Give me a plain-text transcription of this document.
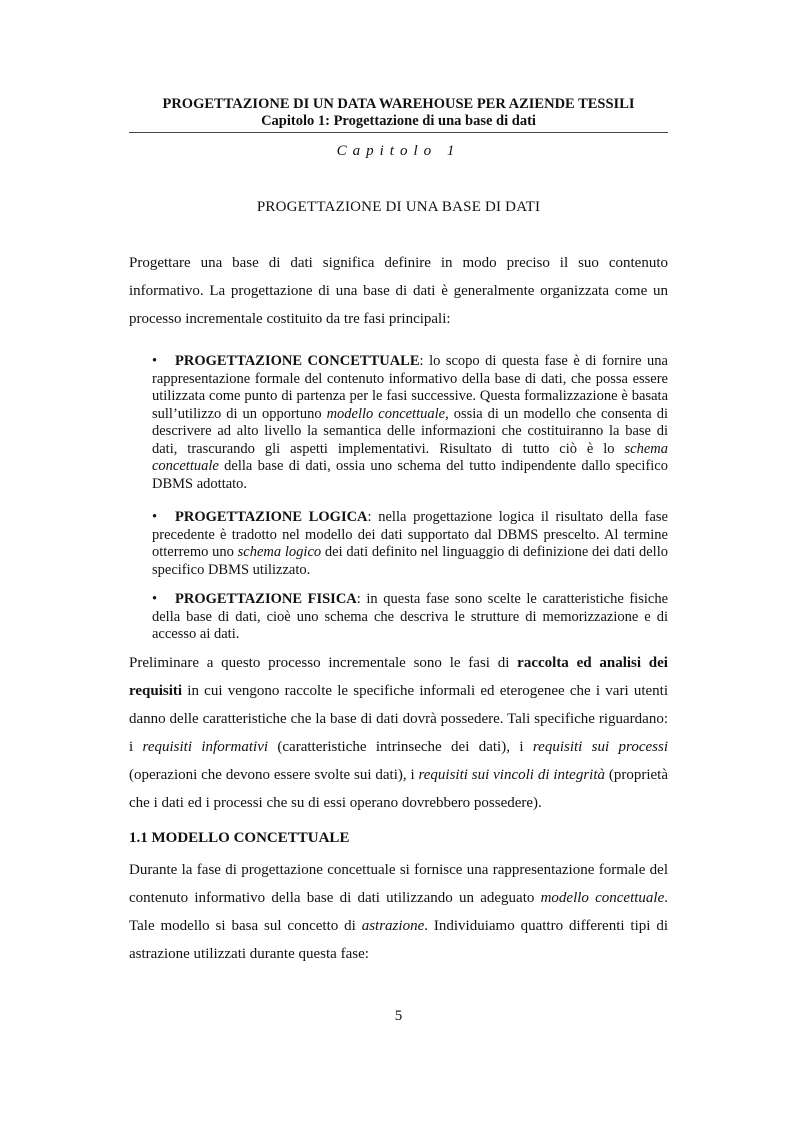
PROGETTAZIONE DI UN DATA WAREHOUSE PER AZIENDE TESSILI
Capitolo 1: Progettazione di una base di dati
Capitolo 1
PROGETTAZIONE DI UNA BASE DI DATI

Progettare una base di dati significa definire in modo preciso il suo contenuto informativo. La progettazione di una base di dati è generalmente organizzata come un processo incrementale costituito da tre fasi principali:

• PROGETTAZIONE CONCETTUALE: lo scopo di questa fase è di fornire una rappresentazione formale del contenuto informativo della base di dati, che possa essere utilizzata come punto di partenza per le fasi successive. Questa formalizzazione è basata sull’utilizzo di un opportuno modello concettuale, ossia di un modello che consenta di descrivere ad alto livello la semantica delle informazioni che costituiranno la base di dati, trascurando gli aspetti implementativi. Risultato di tutto ciò è lo schema concettuale della base di dati, ossia uno schema del tutto indipendente dallo specifico DBMS adottato.
• PROGETTAZIONE LOGICA: nella progettazione logica il risultato della fase precedente è tradotto nel modello dei dati supportato dal DBMS prescelto. Al termine otterremo uno schema logico dei dati definito nel linguaggio di definizione dei dati dello specifico DBMS utilizzato.
• PROGETTAZIONE FISICA: in questa fase sono scelte le caratteristiche fisiche della base di dati, cioè uno schema che descriva le strutture di memorizzazione e di accesso ai dati.

Preliminare a questo processo incrementale sono le fasi di raccolta ed analisi dei requisiti in cui vengono raccolte le specifiche informali ed eterogenee che i vari utenti danno delle caratteristiche che la base di dati dovrà possedere. Tali specifiche riguardano: i requisiti informativi (caratteristiche intrinseche dei dati), i requisiti sui processi (operazioni che devono essere svolte sui dati), i requisiti sui vincoli di integrità (proprietà che i dati ed i processi che su di essi operano dovrebbero possedere).

1.1 MODELLO CONCETTUALE

Durante la fase di progettazione concettuale si fornisce una rappresentazione formale del contenuto informativo della base di dati utilizzando un adeguato modello concettuale. Tale modello si basa sul concetto di astrazione. Individuiamo quattro differenti tipi di astrazione utilizzati durante questa fase:

5
